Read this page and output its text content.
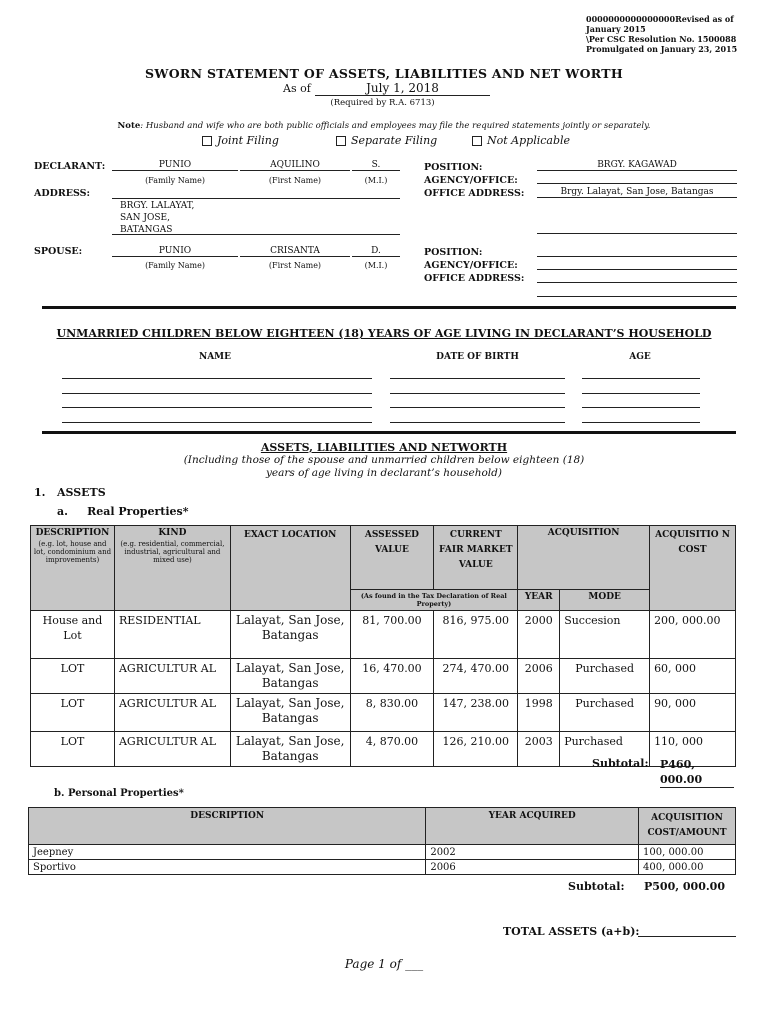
0000000000000000Revised as of
January 2015
\Per CSC Resolution No. 1500088
Promulgated on January 23, 2015
SWORN STATEMENT OF ASSETS, LIABILITIES AND NET WORTH
As of	July 1, 2018
(Required by R.A. 6713)
Note: Husband and wife who are both public officials and employees may file the required statements jointly or separately.
Joint Filing	Separate Filing	Not Applicable
DECLARANT:	PUNIO	AQUILINO	S.
(Family Name)	(First Name)	(M.I.)
ADDRESS:
BRGY. LALAYAT,
SAN JOSE,
BATANGAS
POSITION:
AGENCY/OFFICE:
OFFICE ADDRESS:
BRGY. KAGAWAD
Brgy. Lalayat, San Jose, Batangas
SPOUSE:	PUNIO	CRISANTA	D.
(Family Name)	(First Name)	(M.I.)
POSITION:
AGENCY/OFFICE:
OFFICE ADDRESS:
UNMARRIED CHILDREN BELOW EIGHTEEN (18) YEARS OF AGE LIVING IN DECLARANT’S HOUSEHOLD
NAME	DATE OF BIRTH	AGE
ASSETS, LIABILITIES AND NETWORTH
(Including those of the spouse and unmarried children below eighteen (18)
years of age living in declarant’s household)
1.   ASSETS
a.     Real Properties*
DESCRIPTION
(e.g. lot, house and lot, condominium and improvements)	KIND
(e.g. residential, commercial, industrial, agricultural and mixed use)	EXACT LOCATION	ASSESSED VALUE	CURRENT FAIR MARKET VALUE	ACQUISITION		ACQUISITIO N COST
			(As found in the Tax Declaration of Real Property)		YEAR	MODE	
House and Lot	RESIDENTIAL	Lalayat, San Jose, Batangas	81, 700.00	816, 975.00	2000	Succesion	200, 000.00
LOT	AGRICULTUR AL	Lalayat, San Jose, Batangas	16, 470.00	274, 470.00	2006	Purchased	60, 000
LOT	AGRICULTUR AL	Lalayat, San Jose, Batangas	8, 830.00	147, 238.00	1998	Purchased	90, 000
LOT	AGRICULTUR AL	Lalayat, San Jose, Batangas	4, 870.00	126, 210.00	2003	Purchased	110, 000
Subtotal: P460, 000.00
b. Personal Properties*
DESCRIPTION	YEAR ACQUIRED	ACQUISITION COST/AMOUNT
Jeepney	2002	100, 000.00
Sportivo	2006	400, 000.00
Subtotal: P500, 000.00
TOTAL ASSETS (a+b):
Page 1 of ___
